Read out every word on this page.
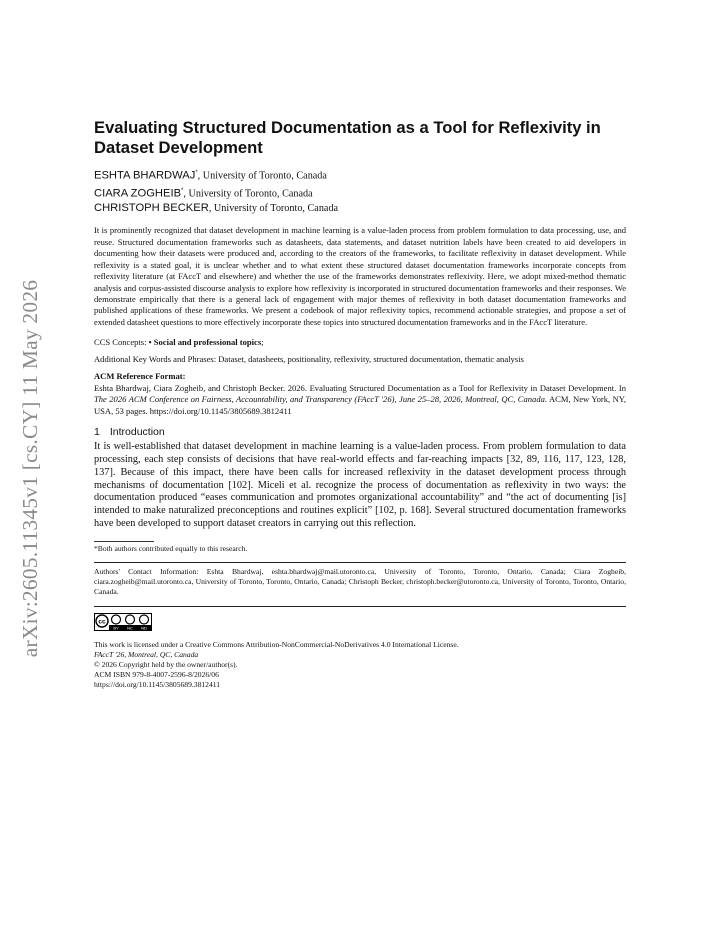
arXiv:2605.11345v1 [cs.CY] 11 May 2026
Evaluating Structured Documentation as a Tool for Reflexivity in Dataset Development
ESHTA BHARDWAJ*, University of Toronto, Canada
CIARA ZOGHEIB*, University of Toronto, Canada
CHRISTOPH BECKER, University of Toronto, Canada

It is prominently recognized that dataset development in machine learning is a value-laden process from problem formulation to data processing, use, and reuse. Structured documentation frameworks such as datasheets, data statements, and dataset nutrition labels have been created to aid developers in documenting how their datasets were produced and, according to the creators of the frameworks, to facilitate reflexivity in dataset development. While reflexivity is a stated goal, it is unclear whether and to what extent these structured dataset documentation frameworks incorporate concepts from reflexivity literature (at FAccT and elsewhere) and whether the use of the frameworks demonstrates reflexivity. Here, we adopt mixed-method thematic analysis and corpus-assisted discourse analysis to explore how reflexivity is incorporated in structured documentation frameworks and their responses. We demonstrate empirically that there is a general lack of engagement with major themes of reflexivity in both dataset documentation frameworks and published applications of these frameworks. We present a codebook of major reflexivity topics, recommend actionable strategies, and propose a set of extended datasheet questions to more effectively incorporate these topics into structured documentation frameworks and in the FAccT literature.

CCS Concepts: • Social and professional topics;
Additional Key Words and Phrases: Dataset, datasheets, positionality, reflexivity, structured documentation, thematic analysis
ACM Reference Format:
Eshta Bhardwaj, Ciara Zogheib, and Christoph Becker. 2026. Evaluating Structured Documentation as a Tool for Reflexivity in Dataset Development. In The 2026 ACM Conference on Fairness, Accountability, and Transparency (FAccT '26), June 25–28, 2026, Montreal, QC, Canada. ACM, New York, NY, USA, 53 pages. https://doi.org/10.1145/3805689.3812411
1 Introduction

It is well-established that dataset development in machine learning is a value-laden process. From problem formulation to data processing, each step consists of decisions that have real-world effects and far-reaching impacts [32, 89, 116, 117, 123, 128, 137]. Because of this impact, there have been calls for increased reflexivity in the dataset development process through mechanisms of documentation [102]. Miceli et al. recognize the process of documentation as reflexivity in two ways: the documentation produced “eases communication and promotes organizational accountability” and “the act of documenting [is] intended to make naturalized preconceptions and routines explicit” [102, p. 168]. Several structured documentation frameworks have been developed to support dataset creators in carrying out this reflection.

*Both authors contributed equally to this research.
Authors' Contact Information: Eshta Bhardwaj, eshta.bhardwaj@mail.utoronto.ca, University of Toronto, Toronto, Ontario, Canada; Ciara Zogheib, ciara.zogheib@mail.utoronto.ca, University of Toronto, Toronto, Ontario, Canada; Christoph Becker, christoph.becker@utoronto.ca, University of Toronto, Toronto, Ontario, Canada.
cc
BY NC ND
This work is licensed under a Creative Commons Attribution-NonCommercial-NoDerivatives 4.0 International License.
FAccT '26, Montreal, QC, Canada
© 2026 Copyright held by the owner/author(s).
ACM ISBN 979-8-4007-2596-8/2026/06
https://doi.org/10.1145/3805689.3812411
